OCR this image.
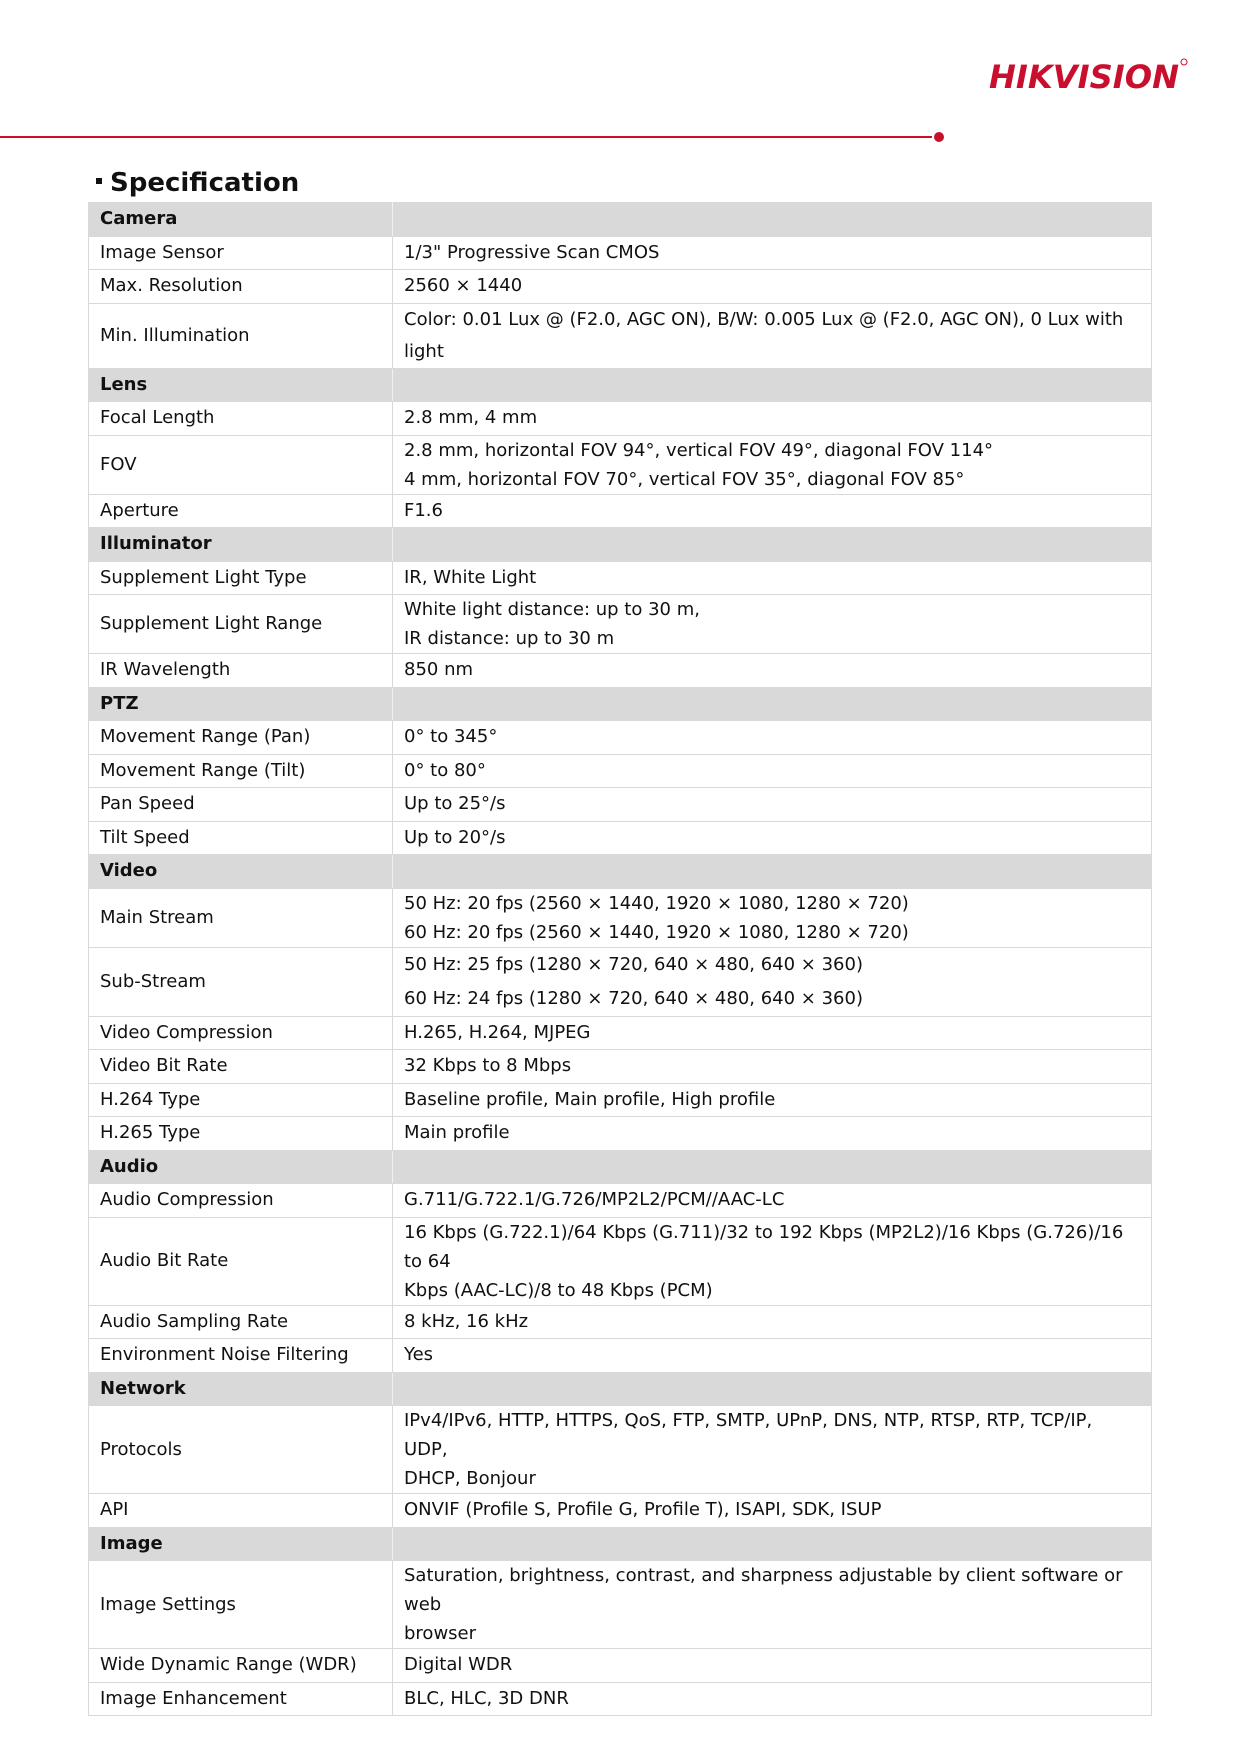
HIKVISION
Specification
Camera	
Image Sensor	1/3" Progressive Scan CMOS

Max. Resolution	2560 × 1440

Min. Illumination	Color: 0.01 Lux @ (F2.0, AGC ON), B/W: 0.005 Lux @ (F2.0, AGC ON), 0 Lux with light

Lens	
Focal Length	2.8 mm, 4 mm

FOV	2.8 mm, horizontal FOV 94°, vertical FOV 49°, diagonal FOV 114°
4 mm, horizontal FOV 70°, vertical FOV 35°, diagonal FOV 85°

Aperture	F1.6

Illuminator	
Supplement Light Type	IR, White Light

Supplement Light Range	White light distance: up to 30 m,
IR distance: up to 30 m

IR Wavelength	850 nm

PTZ	
Movement Range (Pan)	0° to 345°

Movement Range (Tilt)	0° to 80°

Pan Speed	Up to 25°/s

Tilt Speed	Up to 20°/s

Video	
Main Stream	50 Hz: 20 fps (2560 × 1440, 1920 × 1080, 1280 × 720)
60 Hz: 20 fps (2560 × 1440, 1920 × 1080, 1280 × 720)

Sub-Stream	50 Hz: 25 fps (1280 × 720, 640 × 480, 640 × 360)
60 Hz: 24 fps (1280 × 720, 640 × 480, 640 × 360)

Video Compression	H.265, H.264, MJPEG

Video Bit Rate	32 Kbps to 8 Mbps

H.264 Type	Baseline profile, Main profile, High profile

H.265 Type	Main profile

Audio	
Audio Compression	G.711/G.722.1/G.726/MP2L2/PCM//AAC-LC

Audio Bit Rate	16 Kbps (G.722.1)/64 Kbps (G.711)/32 to 192 Kbps (MP2L2)/16 Kbps (G.726)/16 to 64
Kbps (AAC-LC)/8 to 48 Kbps (PCM)

Audio Sampling Rate	8 kHz, 16 kHz

Environment Noise Filtering	Yes

Network	
Protocols	IPv4/IPv6, HTTP, HTTPS, QoS, FTP, SMTP, UPnP, DNS, NTP, RTSP, RTP, TCP/IP, UDP,
DHCP, Bonjour

API	ONVIF (Profile S, Profile G, Profile T), ISAPI, SDK, ISUP

Image	
Image Settings	Saturation, brightness, contrast, and sharpness adjustable by client software or web
browser

Wide Dynamic Range (WDR)	Digital WDR

Image Enhancement	BLC, HLC, 3D DNR
